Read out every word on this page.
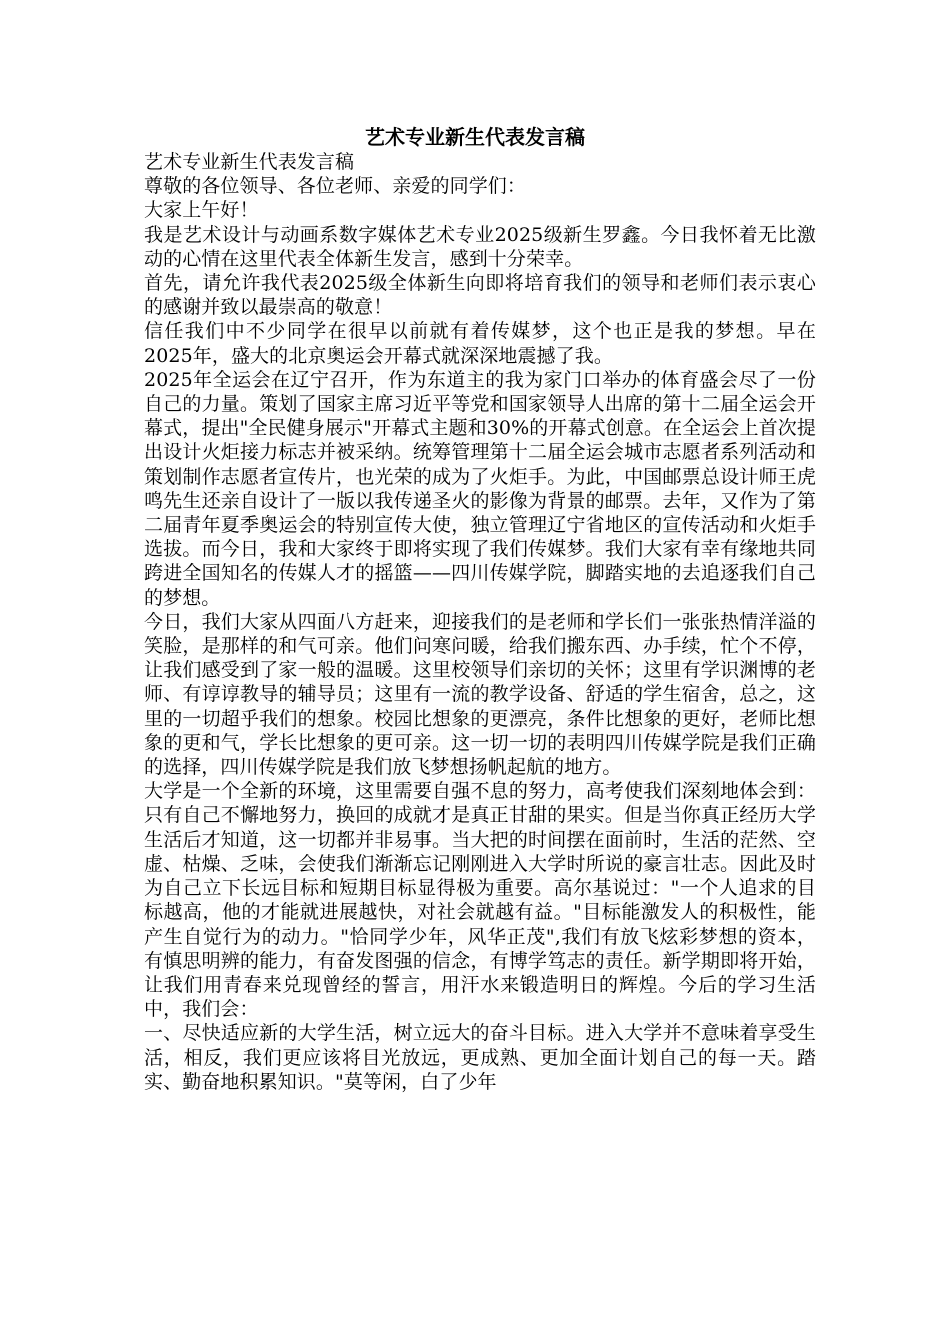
艺术专业新生代表发言稿

艺术专业新生代表发言稿

尊敬的各位领导、各位老师、亲爱的同学们：

大家上午好！

我是艺术设计与动画系数字媒体艺术专业2025级新生罗鑫。今日我怀着无比激动的心情在这里代表全体新生发言，感到十分荣幸。

首先，请允许我代表2025级全体新生向即将培育我们的领导和老师们表示衷心的感谢并致以最崇高的敬意！

信任我们中不少同学在很早以前就有着传媒梦，这个也正是我的梦想。早在2025年，盛大的北京奥运会开幕式就深深地震撼了我。

2025年全运会在辽宁召开，作为东道主的我为家门口举办的体育盛会尽了一份自己的力量。策划了国家主席习近平等党和国家领导人出席的第十二届全运会开幕式，提出"全民健身展示"开幕式主题和30%的开幕式创意。在全运会上首次提出设计火炬接力标志并被采纳。统筹管理第十二届全运会城市志愿者系列活动和策划制作志愿者宣传片，也光荣的成为了火炬手。为此，中国邮票总设计师王虎鸣先生还亲自设计了一版以我传递圣火的影像为背景的邮票。去年，又作为了第二届青年夏季奥运会的特别宣传大使，独立管理辽宁省地区的宣传活动和火炬手选拔。而今日，我和大家终于即将实现了我们传媒梦。我们大家有幸有缘地共同跨进全国知名的传媒人才的摇篮——四川传媒学院，脚踏实地的去追逐我们自己的梦想。

今日，我们大家从四面八方赶来，迎接我们的是老师和学长们一张张热情洋溢的笑脸，是那样的和气可亲。他们问寒问暖，给我们搬东西、办手续，忙个不停，让我们感受到了家一般的温暖。这里校领导们亲切的关怀；这里有学识渊博的老师、有谆谆教导的辅导员；这里有一流的教学设备、舒适的学生宿舍，总之，这里的一切超乎我们的想象。校园比想象的更漂亮，条件比想象的更好，老师比想象的更和气，学长比想象的更可亲。这一切一切的表明四川传媒学院是我们正确的选择，四川传媒学院是我们放飞梦想扬帆起航的地方。

大学是一个全新的环境，这里需要自强不息的努力，高考使我们深刻地体会到：只有自己不懈地努力，换回的成就才是真正甘甜的果实。但是当你真正经历大学生活后才知道，这一切都并非易事。当大把的时间摆在面前时，生活的茫然、空虚、枯燥、乏味，会使我们渐渐忘记刚刚进入大学时所说的豪言壮志。因此及时为自己立下长远目标和短期目标显得极为重要。高尔基说过："一个人追求的目标越高，他的才能就进展越快，对社会就越有益。"目标能激发人的积极性，能产生自觉行为的动力。"恰同学少年，风华正茂",我们有放飞炫彩梦想的资本，有慎思明辨的能力，有奋发图强的信念，有博学笃志的责任。新学期即将开始，让我们用青春来兑现曾经的誓言，用汗水来锻造明日的辉煌。今后的学习生活中，我们会：

一、尽快适应新的大学生活，树立远大的奋斗目标。进入大学并不意味着享受生活，相反，我们更应该将目光放远，更成熟、更加全面计划自己的每一天。踏实、勤奋地积累知识。"莫等闲，白了少年
